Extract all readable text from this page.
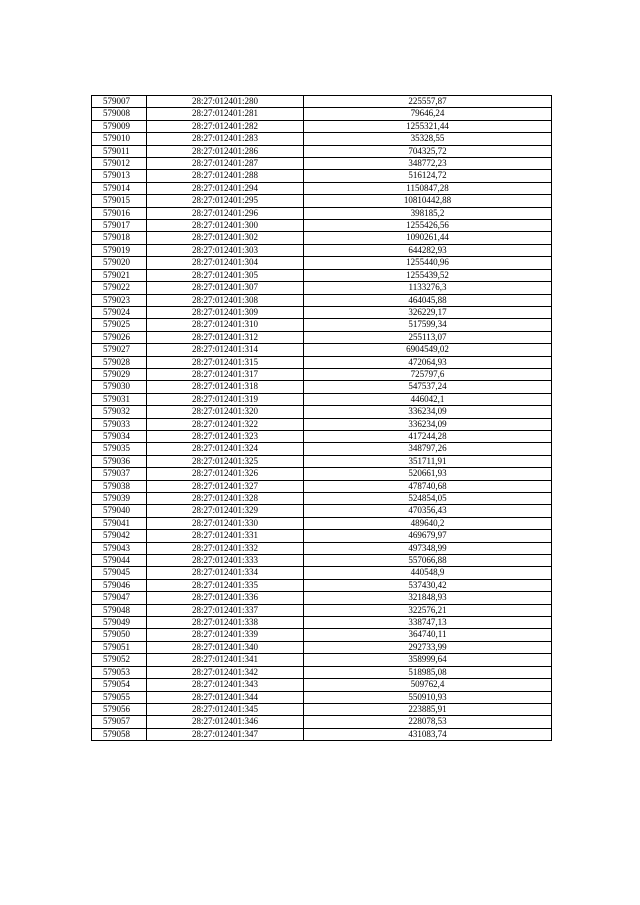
579007	28:27:012401:280	225557,87
579008	28:27:012401:281	79646,24
579009	28:27:012401:282	1255321,44
579010	28:27:012401:283	35328,55
579011	28:27:012401:286	704325,72
579012	28:27:012401:287	348772,23
579013	28:27:012401:288	516124,72
579014	28:27:012401:294	1150847,28
579015	28:27:012401:295	10810442,88
579016	28:27:012401:296	398185,2
579017	28:27:012401:300	1255426,56
579018	28:27:012401:302	1090261,44
579019	28:27:012401:303	644282,93
579020	28:27:012401:304	1255440,96
579021	28:27:012401:305	1255439,52
579022	28:27:012401:307	1133276,3
579023	28:27:012401:308	464045,88
579024	28:27:012401:309	326229,17
579025	28:27:012401:310	517599,34
579026	28:27:012401:312	255113,07
579027	28:27:012401:314	6904549,02
579028	28:27:012401:315	472064,93
579029	28:27:012401:317	725797,6
579030	28:27:012401:318	547537,24
579031	28:27:012401:319	446042,1
579032	28:27:012401:320	336234,09
579033	28:27:012401:322	336234,09
579034	28:27:012401:323	417244,28
579035	28:27:012401:324	348797,26
579036	28:27:012401:325	351711,91
579037	28:27:012401:326	520661,93
579038	28:27:012401:327	478740,68
579039	28:27:012401:328	524854,05
579040	28:27:012401:329	470356,43
579041	28:27:012401:330	489640,2
579042	28:27:012401:331	469679,97
579043	28:27:012401:332	497348,99
579044	28:27:012401:333	557066,88
579045	28:27:012401:334	440548,9
579046	28:27:012401:335	537430,42
579047	28:27:012401:336	321848,93
579048	28:27:012401:337	322576,21
579049	28:27:012401:338	338747,13
579050	28:27:012401:339	364740,11
579051	28:27:012401:340	292733,99
579052	28:27:012401:341	358999,64
579053	28:27:012401:342	518985,08
579054	28:27:012401:343	509762,4
579055	28:27:012401:344	550910,93
579056	28:27:012401:345	223885,91
579057	28:27:012401:346	228078,53
579058	28:27:012401:347	431083,74
